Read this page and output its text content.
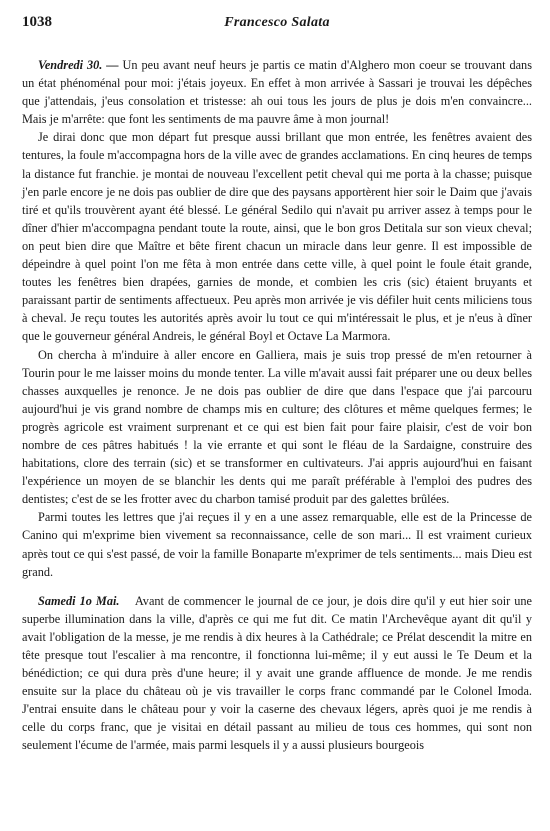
1038	Francesco Salata

Vendredi 30. — Un peu avant neuf heurs je partis ce matin d'Alghero mon coeur se trouvant dans un état phénoménal pour moi: j'étais joyeux. En effet à mon arrivée à Sassari je trouvai les dépêches que j'attendais, j'eus consolation et tristesse: ah oui tous les jours de plus je dois m'en convaincre... Mais je m'arrête: que font les sentiments de ma pauvre âme à mon journal!

Je dirai donc que mon départ fut presque aussi brillant que mon entrée, les fenêtres avaient des tentures, la foule m'accompagna hors de la ville avec de grandes acclamations. En cinq heures de temps la distance fut franchie. je montai de nouveau l'excellent petit cheval qui me porta à la chasse; puisque j'en parle encore je ne dois pas oublier de dire que des paysans apportèrent hier soir le Daim que j'avais tiré et qu'ils trouvèrent ayant été blessé. Le général Sedilo qui n'avait pu arriver assez à temps pour le dîner d'hier m'accompagna pendant toute la route, ainsi, que le bon gros Detitala sur son vieux cheval; on peut bien dire que Maître et bête firent chacun un miracle dans leur genre. Il est impossible de dépeindre à quel point l'on me fêta à mon entrée dans cette ville, à quel point le foule était grande, toutes les fenêtres bien drapées, garnies de monde, et combien les cris (sic) étaient bruyants et paraissant partir de sentiments affectueux. Peu après mon arrivée je vis défiler huit cents miliciens tous à cheval. Je reçu toutes les autorités après avoir lu tout ce qui m'intéressait le plus, et je n'eus à dîner que le gouverneur général Andreis, le général Boyl et Octave La Marmora.

On chercha à m'induire à aller encore en Galliera, mais je suis trop pressé de m'en retourner à Tourin pour le me laisser moins du monde tenter. La ville m'avait aussi fait préparer une ou deux belles chasses auxquelles je renonce. Je ne dois pas oublier de dire que dans l'espace que j'ai parcouru aujourd'hui je vis grand nombre de champs mis en culture; des clôtures et même quelques fermes; le progrès agricole est vraiment surprenant et ce qui est bien fait pour faire plaisir, c'est de voir bon nombre de ces pâtres habitués ! la vie errante et qui sont le fléau de la Sardaigne, construire des habitations, clore des terrain (sic) et se transformer en cultivateurs. J'ai appris aujourd'hui en faisant l'expérience un moyen de se blanchir les dents qui me paraît préférable à l'emploi des pudres des dentistes; c'est de se les frotter avec du charbon tamisé produit par des galettes brûlées.

Parmi toutes les lettres que j'ai reçues il y en a une assez remarquable, elle est de la Princesse de Canino qui m'exprime bien vivement sa reconnaissance, celle de son mari... Il est vraiment curieux après tout ce qui s'est passé, de voir la famille Bonaparte m'exprimer de tels sentiments... mais Dieu est grand.

Samedi 1o Mai. Avant de commencer le journal de ce jour, je dois dire qu'il y eut hier soir une superbe illumination dans la ville, d'après ce qui me fut dit. Ce matin l'Archevêque ayant dit qu'il y avait l'obligation de la messe, je me rendis à dix heures à la Cathédrale; ce Prélat descendit la mitre en tête presque tout l'escalier à ma rencontre, il fonctionna lui-même; il y eut aussi le Te Deum et la bénédiction; ce qui dura près d'une heure; il y avait une grande affluence de monde. Je me rendis ensuite sur la place du château où je vis travailler le corps franc commandé par le Colonel Imoda. J'entrai ensuite dans le château pour y voir la caserne des chevaux légers, après quoi je me rendis à celle du corps franc, que je visitai en détail passant au milieu de tous ces hommes, qui sont non seulement l'écume de l'armée, mais parmi lesquels il y a aussi plusieurs bourgeois
